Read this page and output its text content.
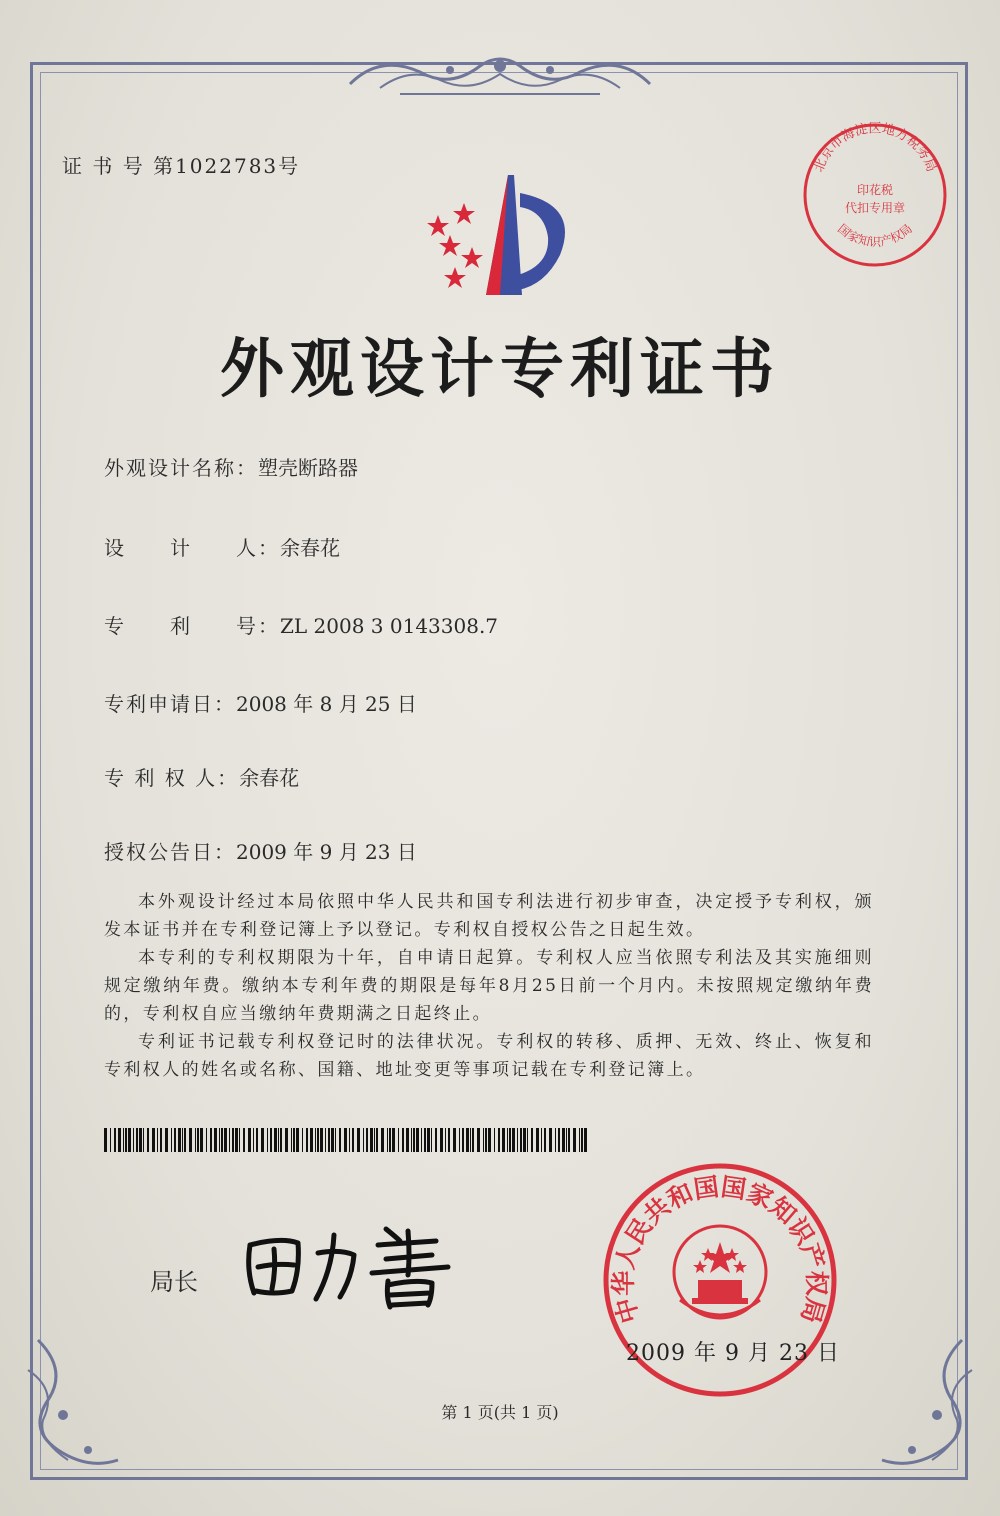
证 书 号 第1022783号	北京市海淀区地方税务局
印花税
代扣专用章
国家知识产权局
外观设计专利证书
外观设计名称：塑壳断路器
设　　计　　人：余春花
专　　利　　号：ZL 2008 3 0143308.7
专利申请日：2008 年 8 月 25 日
专 利 权 人：余春花
授权公告日：2009 年 9 月 23 日

本外观设计经过本局依照中华人民共和国专利法进行初步审查，决定授予专利权，颁发本证书并在专利登记簿上予以登记。专利权自授权公告之日起生效。

本专利的专利权期限为十年，自申请日起算。专利权人应当依照专利法及其实施细则规定缴纳年费。缴纳本专利年费的期限是每年8月25日前一个月内。未按照规定缴纳年费的，专利权自应当缴纳年费期满之日起终止。

专利证书记载专利权登记时的法律状况。专利权的转移、质押、无效、终止、恢复和专利权人的姓名或名称、国籍、地址变更等事项记载在专利登记簿上。

局长
中华人民共和国国家知识产权局
2009 年 9 月 23 日
第 1 页(共 1 页)
